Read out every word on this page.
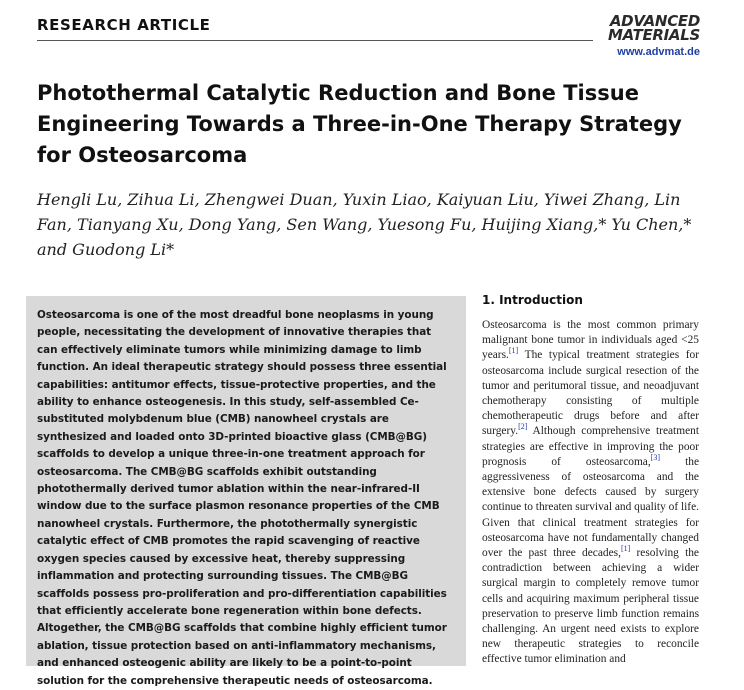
RESEARCH ARTICLE	ADVANCED
MATERIALS
www.advmat.de
Photothermal Catalytic Reduction and Bone Tissue Engineering Towards a Three-in-One Therapy Strategy for Osteosarcoma
Hengli Lu, Zihua Li, Zhengwei Duan, Yuxin Liao, Kaiyuan Liu, Yiwei Zhang, Lin Fan, Tianyang Xu, Dong Yang, Sen Wang, Yuesong Fu, Huijing Xiang,* Yu Chen,* and Guodong Li*

Osteosarcoma is one of the most dreadful bone neoplasms in young people, necessitating the development of innovative therapies that can effectively eliminate tumors while minimizing damage to limb function. An ideal therapeutic strategy should possess three essential capabilities: antitumor effects, tissue-protective properties, and the ability to enhance osteogenesis. In this study, self-assembled Ce-substituted molybdenum blue (CMB) nanowheel crystals are synthesized and loaded onto 3D-printed bioactive glass (CMB@BG) scaffolds to develop a unique three-in-one treatment approach for osteosarcoma. The CMB@BG scaffolds exhibit outstanding photothermally derived tumor ablation within the near-infrared-II window due to the surface plasmon resonance properties of the CMB nanowheel crystals. Furthermore, the photothermally synergistic catalytic effect of CMB promotes the rapid scavenging of reactive oxygen species caused by excessive heat, thereby suppressing inflammation and protecting surrounding tissues. The CMB@BG scaffolds possess pro-proliferation and pro-differentiation capabilities that efficiently accelerate bone regeneration within bone defects. Altogether, the CMB@BG scaffolds that combine highly efficient tumor ablation, tissue protection based on anti-inflammatory mechanisms, and enhanced osteogenic ability are likely to be a point-to-point solution for the comprehensive therapeutic needs of osteosarcoma.

1. Introduction

Osteosarcoma is the most common primary malignant bone tumor in individuals aged <25 years.[1] The typical treatment strategies for osteosarcoma include surgical resection of the tumor and peritumoral tissue, and neoadjuvant chemotherapy consisting of multiple chemotherapeutic drugs before and after surgery.[2] Although comprehensive treatment strategies are effective in improving the poor prognosis of osteosarcoma,[3] the aggressiveness of osteosarcoma and the extensive bone defects caused by surgery continue to threaten survival and quality of life. Given that clinical treatment strategies for osteosarcoma have not fundamentally changed over the past three decades,[1] resolving the contradiction between achieving a wider surgical margin to completely remove tumor cells and acquiring maximum peripheral tissue preservation to preserve limb function remains challenging. An urgent need exists to explore new therapeutic strategies to reconcile effective tumor elimination and
